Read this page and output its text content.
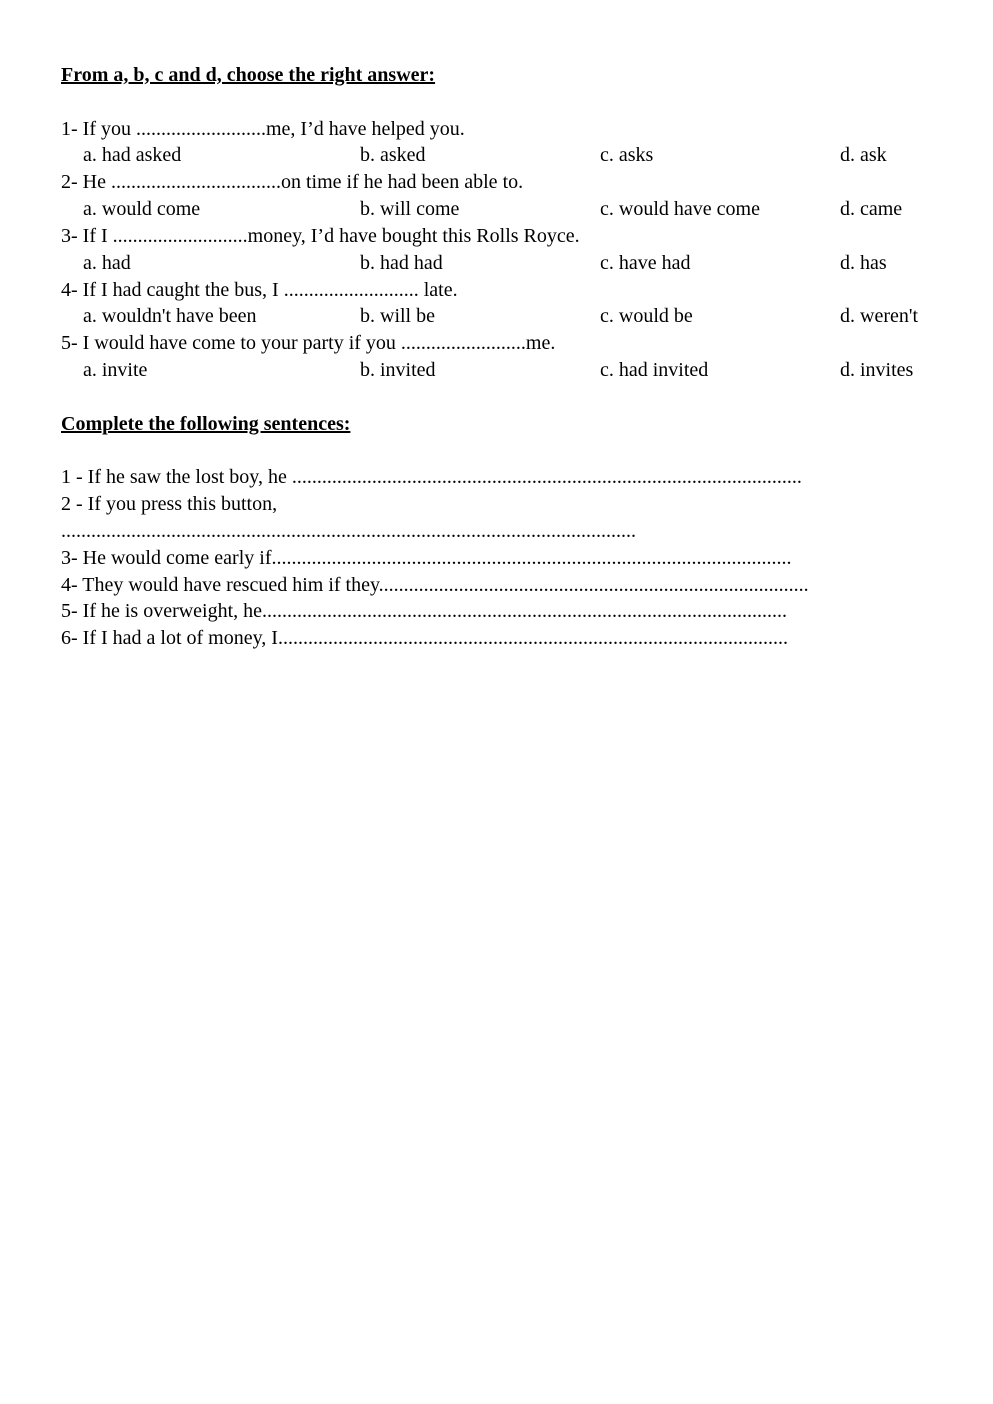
From a, b, c and d, choose the right answer:
1- If you ..........................me, I’d have helped you.
a. had asked	b. asked	c. asks	d. ask
2- He ..................................on time if he had been able to.
a. would come	b. will come	c. would have come	d. came
3- If I ...........................money, I’d have bought this Rolls Royce.
a. had	b. had had	c. have had	d. has
4- If I had caught the bus, I ........................... late.
a. wouldn't have been	b. will be	c. would be	d. weren't
5- I would have come to your party if you .........................me.
a. invite	b. invited	c. had invited	d. invites
Complete the following sentences:
1 - If he saw the lost boy, he ......................................................................................................
2 - If you press this button,
...................................................................................................................
3- He would come early if........................................................................................................
4- They would have rescued him if they......................................................................................
5- If he is overweight, he.........................................................................................................
6- If I had a lot of money, I......................................................................................................
